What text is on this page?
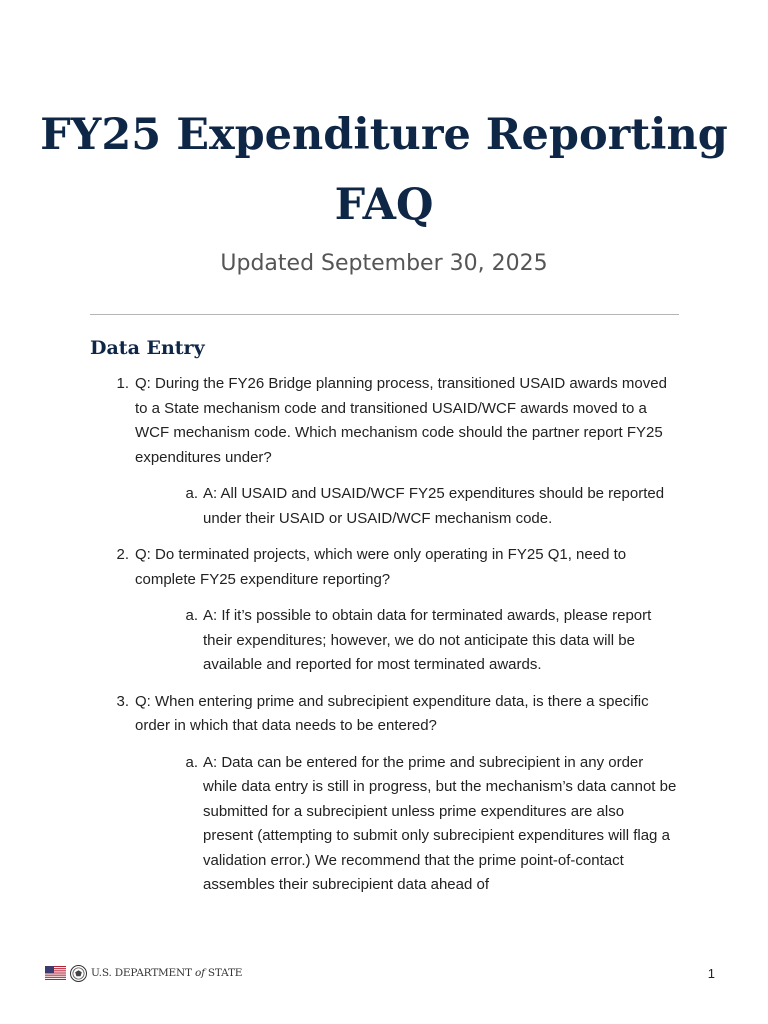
FY25 Expenditure Reporting FAQ
Updated September 30, 2025
Data Entry
1. Q: During the FY26 Bridge planning process, transitioned USAID awards moved to a State mechanism code and transitioned USAID/WCF awards moved to a WCF mechanism code. Which mechanism code should the partner report FY25 expenditures under?
a. A: All USAID and USAID/WCF FY25 expenditures should be reported under their USAID or USAID/WCF mechanism code.
2. Q: Do terminated projects, which were only operating in FY25 Q1, need to complete FY25 expenditure reporting?
a. A: If it’s possible to obtain data for terminated awards, please report their expenditures; however, we do not anticipate this data will be available and reported for most terminated awards.
3. Q: When entering prime and subrecipient expenditure data, is there a specific order in which that data needs to be entered?
a. A: Data can be entered for the prime and subrecipient in any order while data entry is still in progress, but the mechanism’s data cannot be submitted for a subrecipient unless prime expenditures are also present (attempting to submit only subrecipient expenditures will flag a validation error.) We recommend that the prime point-of-contact assembles their subrecipient data ahead of
U.S. DEPARTMENT of STATE	1
